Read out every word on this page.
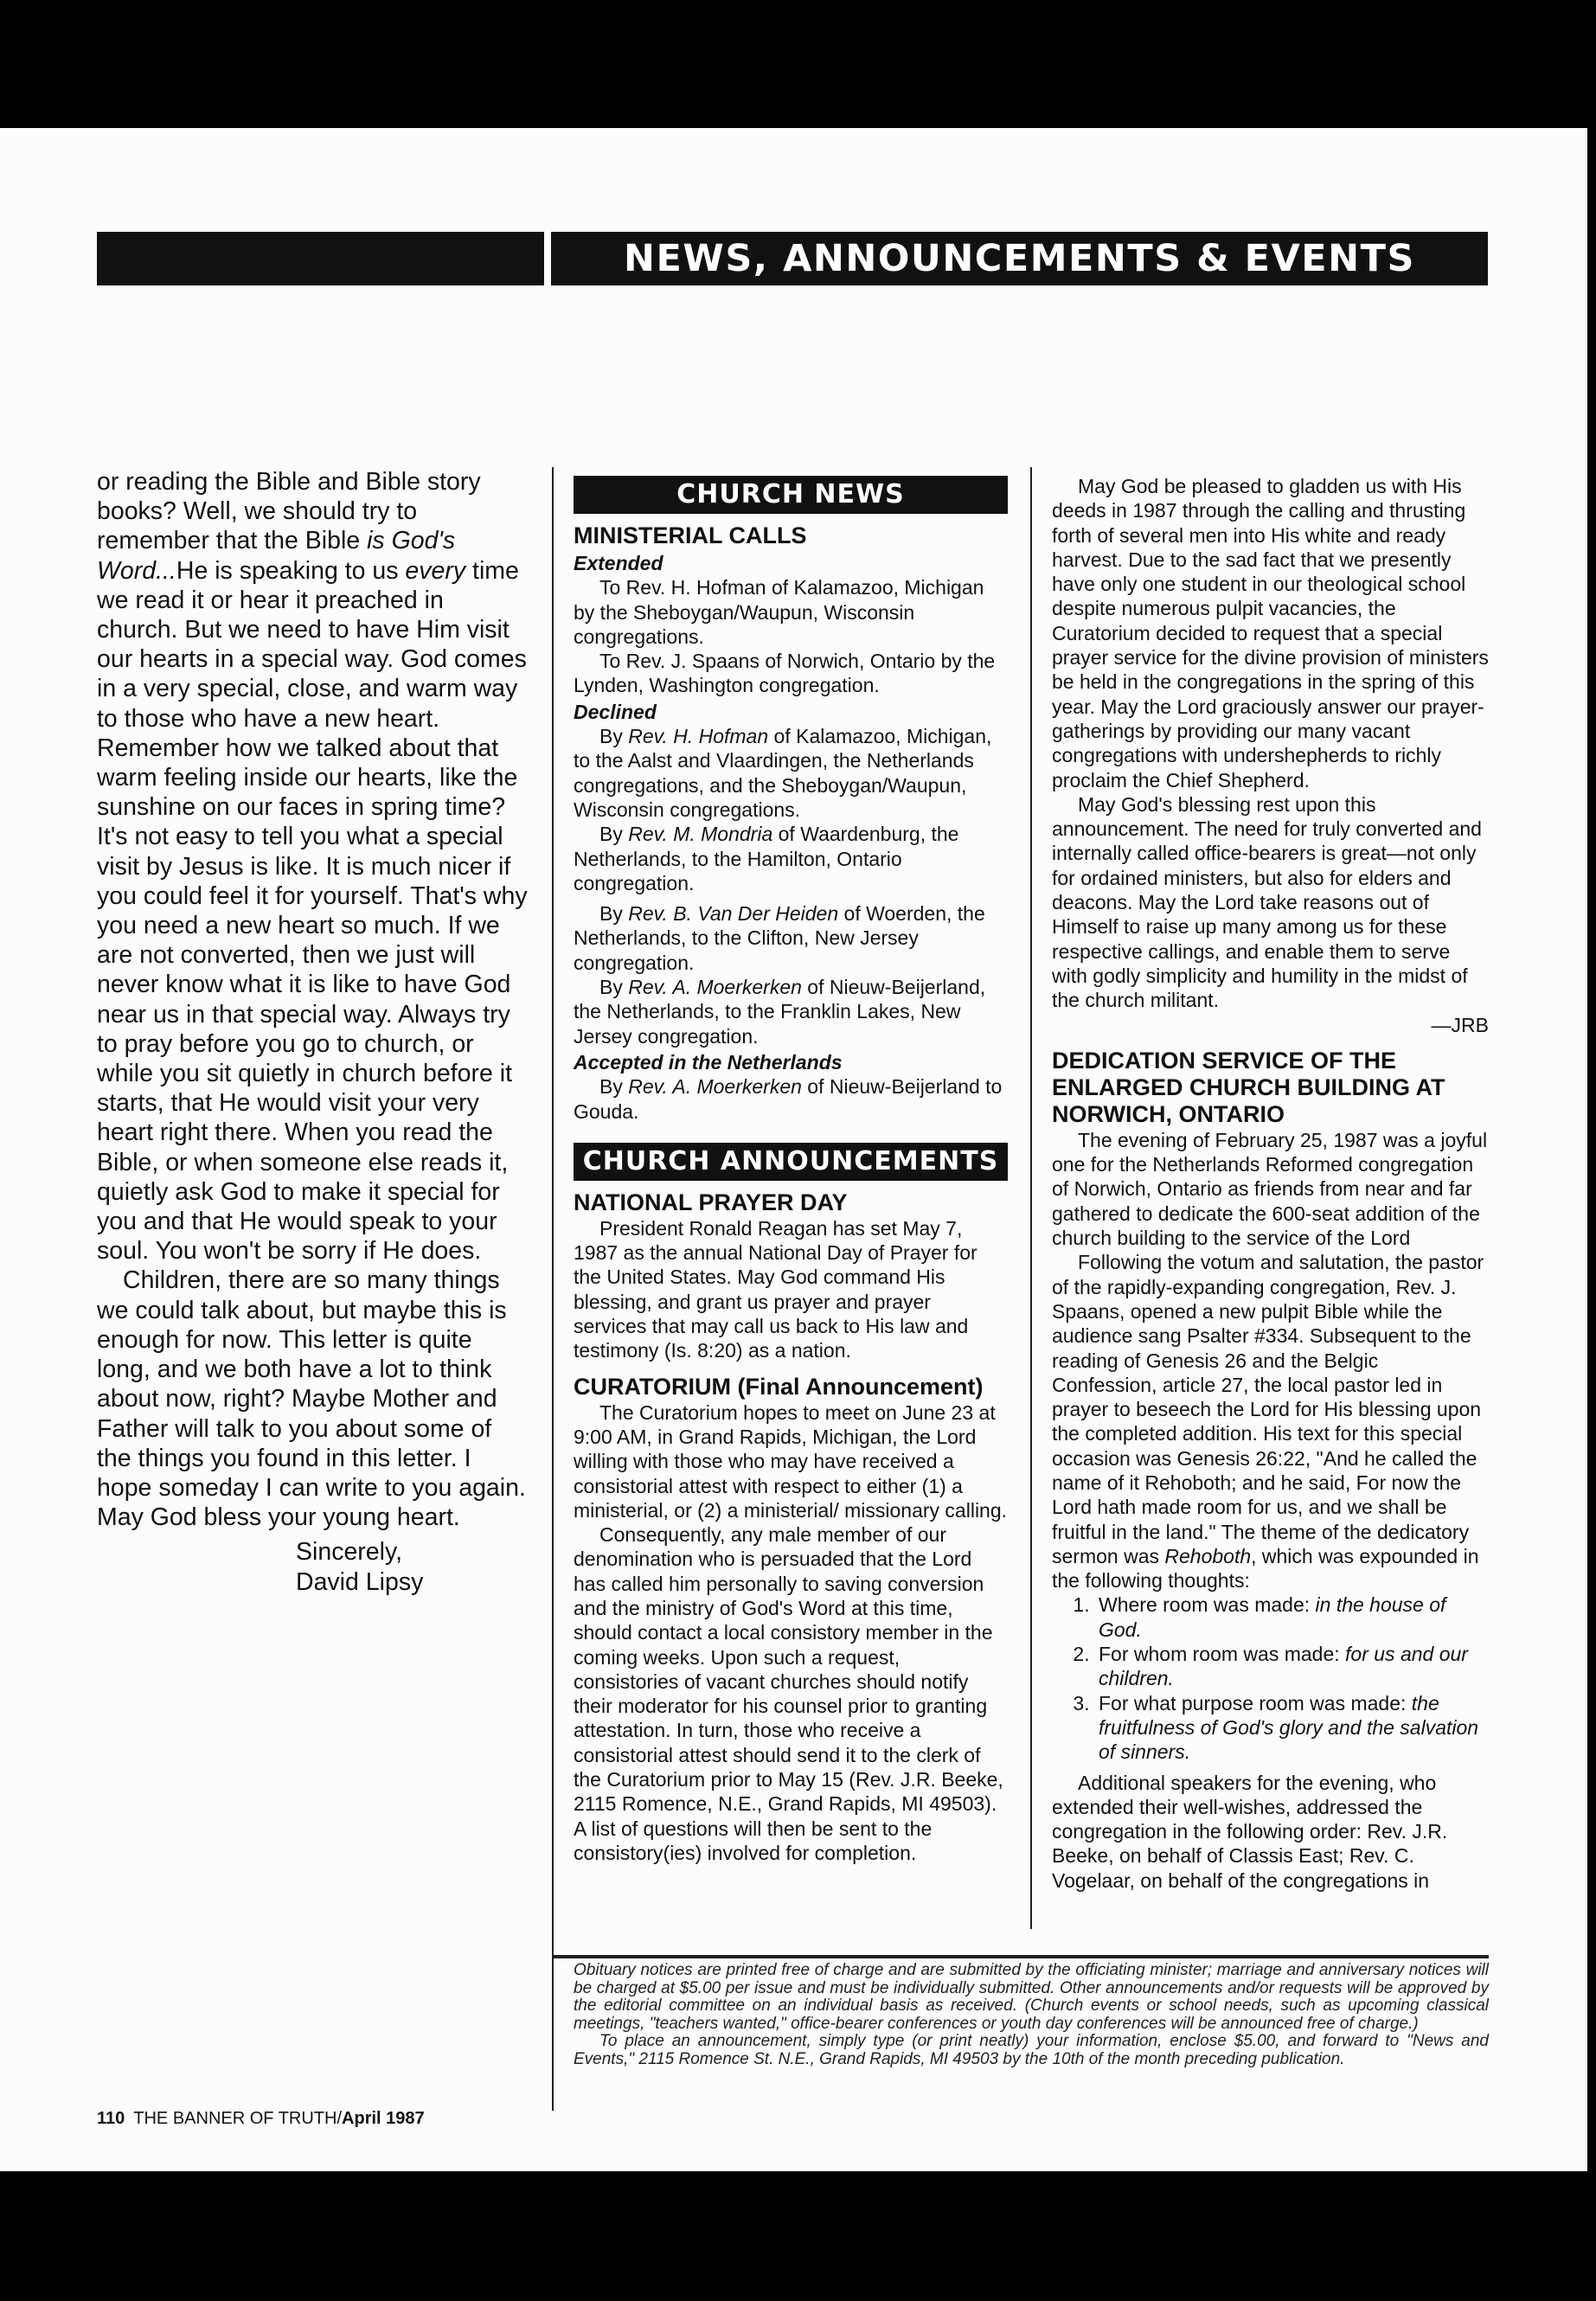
NEWS, ANNOUNCEMENTS & EVENTS

or reading the Bible and Bible story books? Well, we should try to remember that the Bible is God's Word...He is speaking to us every time we read it or hear it preached in church. But we need to have Him visit our hearts in a special way. God comes in a very special, close, and warm way to those who have a new heart. Remember how we talked about that warm feeling inside our hearts, like the sunshine on our faces in spring time? It's not easy to tell you what a special visit by Jesus is like. It is much nicer if you could feel it for yourself. That's why you need a new heart so much. If we are not converted, then we just will never know what it is like to have God near us in that special way. Always try to pray before you go to church, or while you sit quietly in church before it starts, that He would visit your very heart right there. When you read the Bible, or when someone else reads it, quietly ask God to make it special for you and that He would speak to your soul. You won't be sorry if He does.

Children, there are so many things we could talk about, but maybe this is enough for now. This letter is quite long, and we both have a lot to think about now, right? Maybe Mother and Father will talk to you about some of the things you found in this letter. I hope someday I can write to you again. May God bless your young heart.

Sincerely,

David Lipsy

CHURCH NEWS
MINISTERIAL CALLS
Extended

To Rev. H. Hofman of Kalamazoo, Michigan by the Sheboygan/Waupun, Wisconsin congregations.

To Rev. J. Spaans of Norwich, Ontario by the Lynden, Washington congregation.

Declined

By Rev. H. Hofman of Kalamazoo, Michigan, to the Aalst and Vlaardingen, the Netherlands congregations, and the Sheboygan/Waupun, Wisconsin congregations.

By Rev. M. Mondria of Waardenburg, the Netherlands, to the Hamilton, Ontario congregation.

By Rev. B. Van Der Heiden of Woerden, the Netherlands, to the Clifton, New Jersey congregation.

By Rev. A. Moerkerken of Nieuw-Beijerland, the Netherlands, to the Franklin Lakes, New Jersey congregation.

Accepted in the Netherlands

By Rev. A. Moerkerken of Nieuw-Beijerland to Gouda.

CHURCH ANNOUNCEMENTS
NATIONAL PRAYER DAY

President Ronald Reagan has set May 7, 1987 as the annual National Day of Prayer for the United States. May God command His blessing, and grant us prayer and prayer services that may call us back to His law and testimony (Is. 8:20) as a nation.

CURATORIUM (Final Announcement)

The Curatorium hopes to meet on June 23 at 9:00 AM, in Grand Rapids, Michigan, the Lord willing with those who may have received a consistorial attest with respect to either (1) a ministerial, or (2) a ministerial/ missionary calling.

Consequently, any male member of our denomination who is persuaded that the Lord has called him personally to saving conversion and the ministry of God's Word at this time, should contact a local consistory member in the coming weeks. Upon such a request, consistories of vacant churches should notify their moderator for his counsel prior to granting attestation. In turn, those who receive a consistorial attest should send it to the clerk of the Curatorium prior to May 15 (Rev. J.R. Beeke, 2115 Romence, N.E., Grand Rapids, MI 49503). A list of questions will then be sent to the consistory(ies) involved for completion.

May God be pleased to gladden us with His deeds in 1987 through the calling and thrusting forth of several men into His white and ready harvest. Due to the sad fact that we presently have only one student in our theological school despite numerous pulpit vacancies, the Curatorium decided to request that a special prayer service for the divine provision of ministers be held in the congregations in the spring of this year. May the Lord graciously answer our prayer-gatherings by providing our many vacant congregations with undershepherds to richly proclaim the Chief Shepherd.

May God's blessing rest upon this announcement. The need for truly converted and internally called office-bearers is great—not only for ordained ministers, but also for elders and deacons. May the Lord take reasons out of Himself to raise up many among us for these respective callings, and enable them to serve with godly simplicity and humility in the midst of the church militant.

—JRB
DEDICATION SERVICE OF THE ENLARGED CHURCH BUILDING AT NORWICH, ONTARIO

The evening of February 25, 1987 was a joyful one for the Netherlands Reformed congregation of Norwich, Ontario as friends from near and far gathered to dedicate the 600-seat addition of the church building to the service of the Lord

Following the votum and salutation, the pastor of the rapidly-expanding congregation, Rev. J. Spaans, opened a new pulpit Bible while the audience sang Psalter #334. Subsequent to the reading of Genesis 26 and the Belgic Confession, article 27, the local pastor led in prayer to beseech the Lord for His blessing upon the completed addition. His text for this special occasion was Genesis 26:22, "And he called the name of it Rehoboth; and he said, For now the Lord hath made room for us, and we shall be fruitful in the land." The theme of the dedicatory sermon was Rehoboth, which was expounded in the following thoughts:

1. Where room was made: in the house of God.
2. For whom room was made: for us and our children.
3. For what purpose room was made: the fruitfulness of God's glory and the salvation of sinners.

Additional speakers for the evening, who extended their well-wishes, addressed the congregation in the following order: Rev. J.R. Beeke, on behalf of Classis East; Rev. C. Vogelaar, on behalf of the congregations in

Obituary notices are printed free of charge and are submitted by the officiating minister; marriage and anniversary notices will be charged at $5.00 per issue and must be individually submitted. Other announcements and/or requests will be approved by the editorial committee on an individual basis as received. (Church events or school needs, such as upcoming classical meetings, "teachers wanted," office-bearer conferences or youth day conferences will be announced free of charge.)

To place an announcement, simply type (or print neatly) your information, enclose $5.00, and forward to "News and Events," 2115 Romence St. N.E., Grand Rapids, MI 49503 by the 10th of the month preceding publication.

110 THE BANNER OF TRUTH/April 1987
